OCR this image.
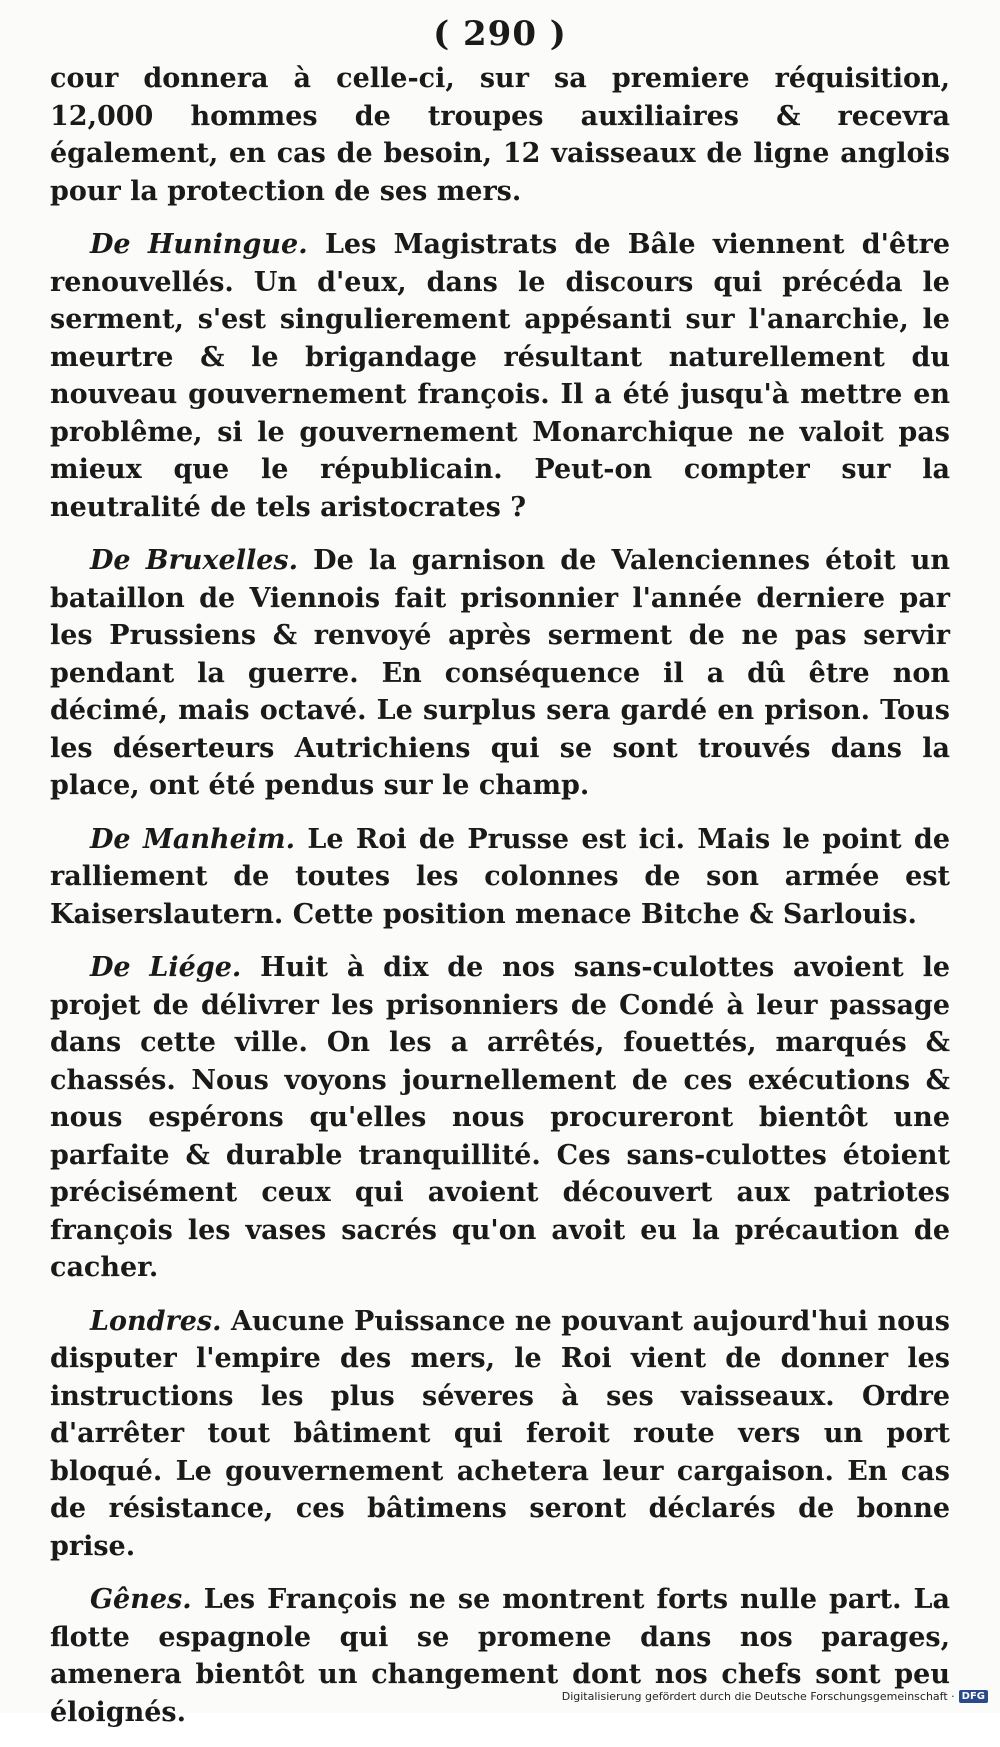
( 290 )

cour donnera à celle-ci, sur sa premiere réquisition, 12,000 hommes de troupes auxiliaires & recevra également, en cas de besoin, 12 vaisseaux de ligne anglois pour la protection de ses mers.

De Huningue. Les Magistrats de Bâle viennent d'être renouvellés. Un d'eux, dans le discours qui précéda le serment, s'est singulierement appésanti sur l'anarchie, le meurtre & le brigandage résultant naturellement du nouveau gouvernement françois. Il a été jusqu'à mettre en problême, si le gouvernement Monarchique ne valoit pas mieux que le républicain. Peut-on compter sur la neutralité de tels aristocrates ?

De Bruxelles. De la garnison de Valenciennes étoit un bataillon de Viennois fait prisonnier l'année derniere par les Prussiens & renvoyé après serment de ne pas servir pendant la guerre. En conséquence il a dû être non décimé, mais octavé. Le surplus sera gardé en prison. Tous les déserteurs Autrichiens qui se sont trouvés dans la place, ont été pendus sur le champ.

De Manheim. Le Roi de Prusse est ici. Mais le point de ralliement de toutes les colonnes de son armée est Kaiserslautern. Cette position menace Bitche & Sarlouis.

De Liége. Huit à dix de nos sans-culottes avoient le projet de délivrer les prisonniers de Condé à leur passage dans cette ville. On les a arrêtés, fouettés, marqués & chassés. Nous voyons journellement de ces exécutions & nous espérons qu'elles nous procureront bientôt une parfaite & durable tranquillité. Ces sans-culottes étoient précisément ceux qui avoient découvert aux patriotes françois les vases sacrés qu'on avoit eu la précaution de cacher.

Londres. Aucune Puissance ne pouvant aujourd'hui nous disputer l'empire des mers, le Roi vient de donner les instructions les plus séveres à ses vaisseaux. Ordre d'arrêter tout bâtiment qui feroit route vers un port bloqué. Le gouvernement achetera leur cargaison. En cas de résistance, ces bâtimens seront déclarés de bonne prise.

Gênes. Les François ne se montrent forts nulle part. La flotte espagnole qui se promene dans nos parages, amenera bientôt un changement dont nos chefs sont peu éloignés.	Digitalisierung gefördert durch die Deutsche Forschungsgemeinschaft · DFG
